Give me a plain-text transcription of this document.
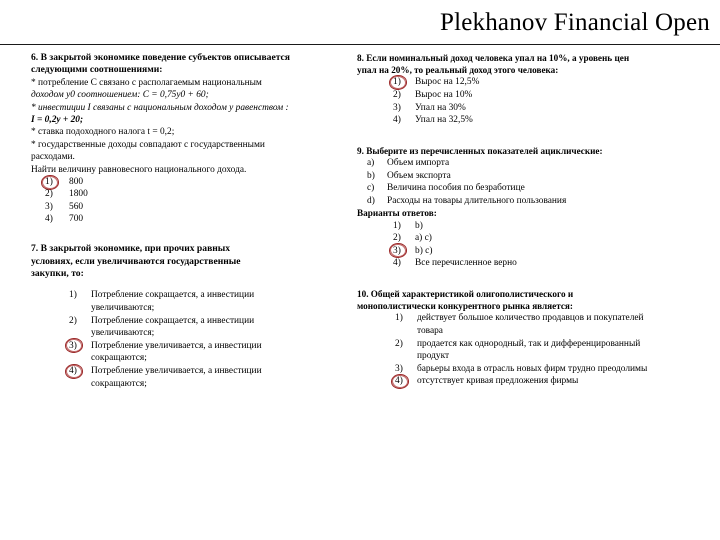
Plekhanov Financial Open
6. В закрытой экономике поведение субъектов описывается
следующими соотношениями:
* потребление C связано с располагаемым национальным
доходом y0 соотношением: C = 0,75y0 + 60;
* инвестиции I связаны с национальным доходом у равенством :
I = 0,2y + 20;
* ставка подоходного налога t = 0,2;
* государственные доходы совпадают с государственными
расходами.
Найти величину равновесного национального дохода.
1)	800
2)	1800
3)	560
4)	700
7. В закрытой экономике, при прочих равных
условиях, если увеличиваются государственные
закупки, то:
1)	Потребление сокращается, а инвестиции
увеличиваются;
2)	Потребление сокращается, а инвестиции
увеличиваются;
3)	Потребление увеличивается, а инвестиции
сокращаются;
4)	Потребление увеличивается, а инвестиции
сокращаются;
8. Если номинальный доход человека упал на 10%, а уровень цен
упал на 20%, то реальный доход этого человека:
1)	Вырос на 12,5%
2)	Вырос на 10%
3)	Упал на 30%
4)	Упал на 32,5%
9. Выберите из перечисленных показателей ациклические:
a)	Объем импорта
b)	Объем экспорта
c)	Величина пособия по безработице
d)	Расходы на товары длительного пользования
Варианты ответов:
1)	b)
2)	a) c)
3)	b) c)
4)	Все перечисленное верно
10. Общей характеристикой олигополистического и
монополистически конкурентного рынка является:
1)	действует большое количество продавцов и покупателей
товара
2)	продается как однородный, так и дифференцированный
продукт
3)	барьеры входа в отрасль новых фирм трудно преодолимы
4)	отсутствует кривая предложения фирмы
